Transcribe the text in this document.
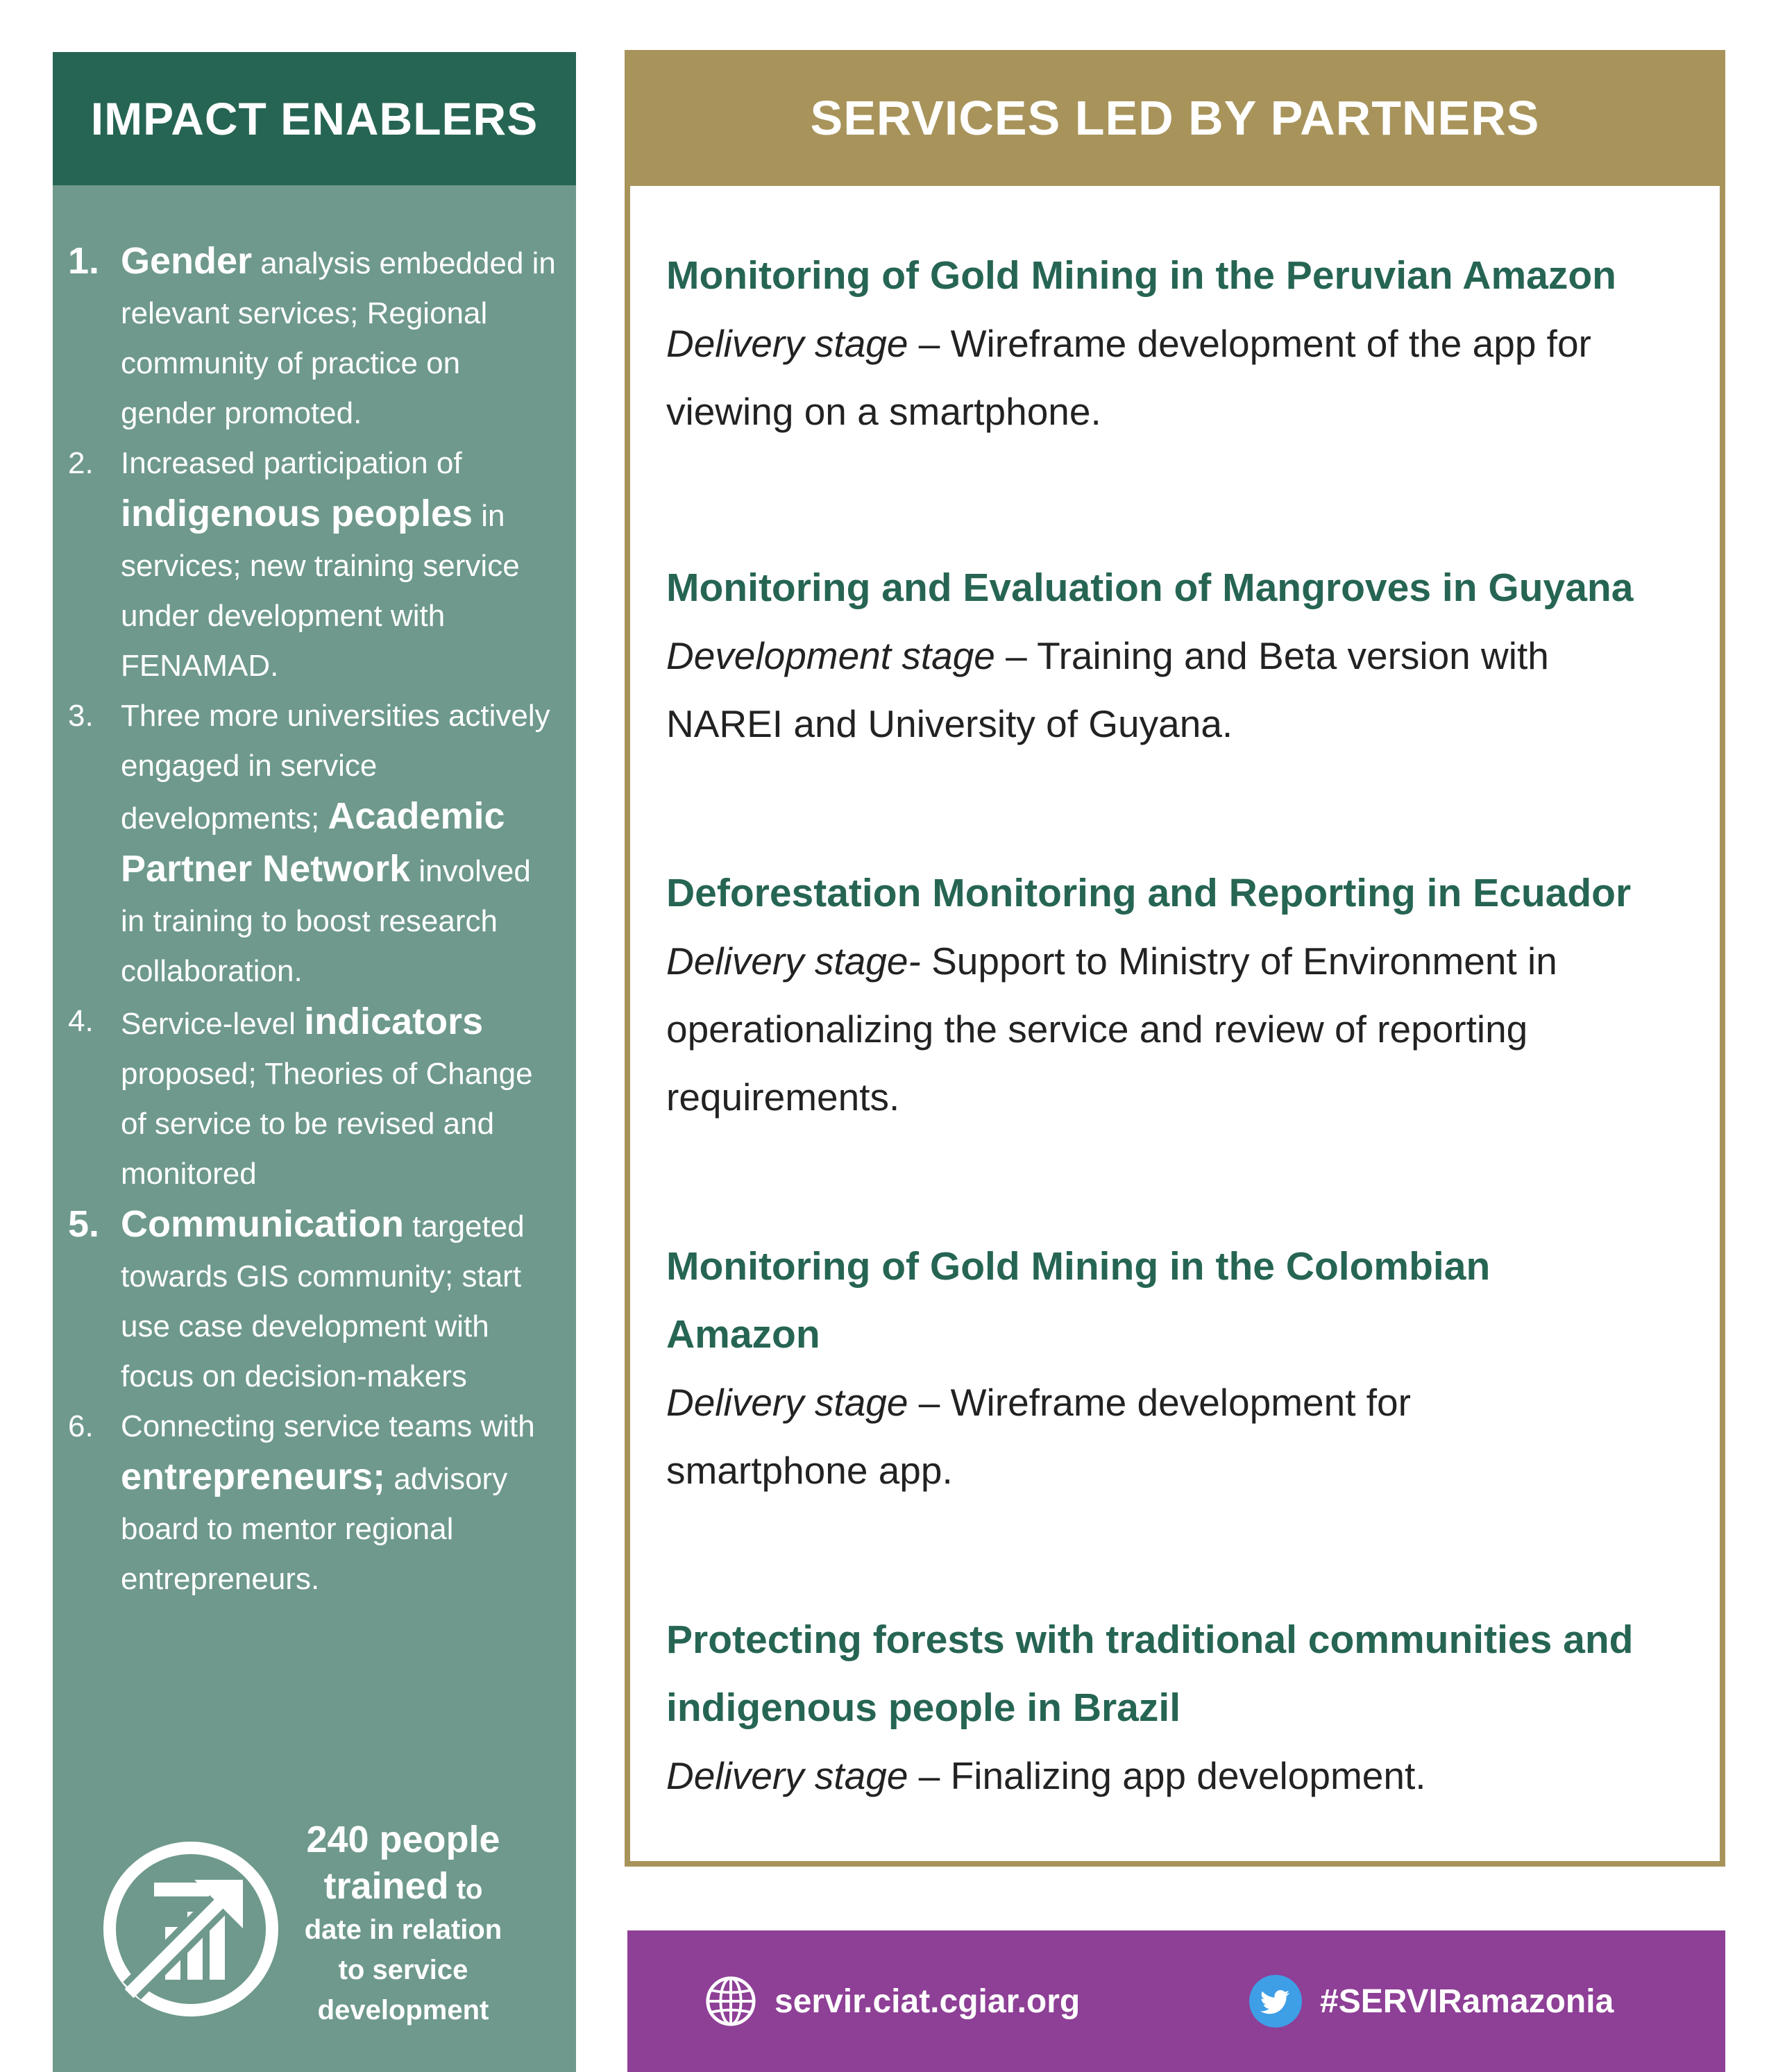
IMPACT ENABLERS
1. Gender analysis embedded in relevant services; Regional community of practice on gender promoted.
2. Increased participation of indigenous peoples in services; new training service under development with FENAMAD.
3. Three more universities actively engaged in service developments; Academic Partner Network involved in training to boost research collaboration.
4. Service-level indicators proposed; Theories of Change of service to be revised and monitored
5. Communication targeted towards GIS community; start use case development with focus on decision-makers
6. Connecting service teams with entrepreneurs; advisory board to mentor regional entrepreneurs.
240 people
trained to
date in relation to service development
SERVICES LED BY PARTNERS
Monitoring of Gold Mining in the Peruvian Amazon
Delivery stage – Wireframe development of the app for viewing on a smartphone.
Monitoring and Evaluation of Mangroves in Guyana
Development stage – Training and Beta version with NAREI and University of Guyana.
Deforestation Monitoring and Reporting in Ecuador
Delivery stage- Support to Ministry of Environment in operationalizing the service and review of reporting requirements.
Monitoring of Gold Mining in the Colombian Amazon
Delivery stage – Wireframe development for smartphone app.
Protecting forests with traditional communities and indigenous people in Brazil
Delivery stage – Finalizing app development.
servir.ciat.cgiar.org	#SERVIRamazonia
